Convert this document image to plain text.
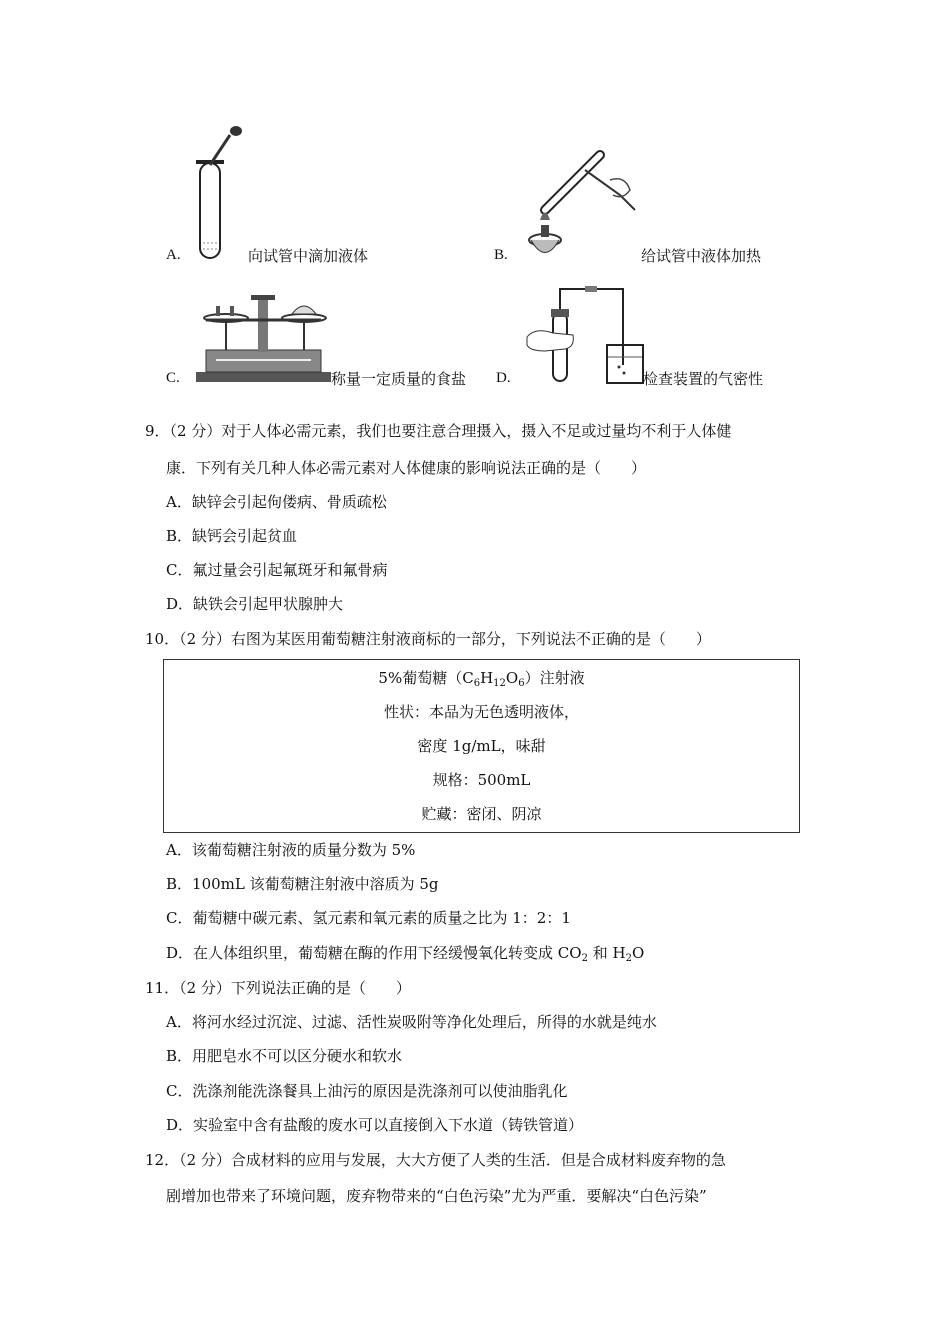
A.	向试管中滴加液体	B.	给试管中液体加热
C.	称量一定质量的食盐 D.	检查装置的气密性
9．（2 分）对于人体必需元素，我们也要注意合理摄入，摄入不足或过量均不利于人体健
康．下列有关几种人体必需元素对人体健康的影响说法正确的是（　　）
A．缺锌会引起佝偻病、骨质疏松
B．缺钙会引起贫血
C．氟过量会引起氟斑牙和氟骨病
D．缺铁会引起甲状腺肿大
10．（2 分）右图为某医用葡萄糖注射液商标的一部分，下列说法不正确的是（　　）
5%葡萄糖$(C_6H_{12}O_6)$注射液
性状：本品为无色透明液体，
密度 1g/mL，味甜
规格：500mL
贮藏：密闭、阴凉
A．该葡萄糖注射液的质量分数为 5%
B．100mL 该葡萄糖注射液中溶质为 5g
C．葡萄糖中碳元素、氢元素和氧元素的质量之比为 1：2：1
D．在人体组织里，葡萄糖在酶的作用下经缓慢氧化转变成 $CO_2$ 和 $H_2O$
11．（2 分）下列说法正确的是（　　）
A．将河水经过沉淀、过滤、活性炭吸附等净化处理后，所得的水就是纯水
B．用肥皂水不可以区分硬水和软水
C．洗涤剂能洗涤餐具上油污的原因是洗涤剂可以使油脂乳化
D．实验室中含有盐酸的废水可以直接倒入下水道（铸铁管道）
12．（2 分）合成材料的应用与发展，大大方便了人类的生活．但是合成材料废弃物的急
剧增加也带来了环境问题，废弃物带来的“白色污染”尤为严重．要解决“白色污染”
